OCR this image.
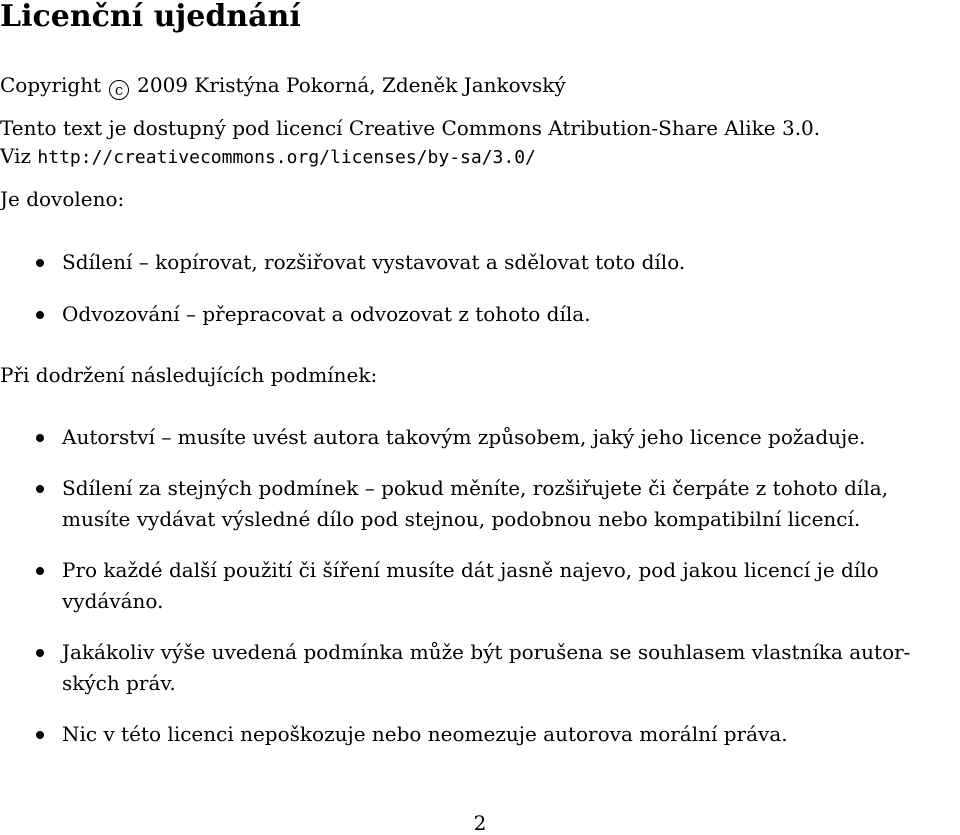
Licenční ujednání
Copyright c 2009 Kristýna Pokorná, Zdeněk Jankovský
Tento text je dostupný pod licencí Creative Commons Atribution-Share Alike 3.0.
Viz http://creativecommons.org/licenses/by-sa/3.0/
Je dovoleno:
Sdílení – kopírovat, rozšiřovat vystavovat a sdělovat toto dílo.
Odvozování – přepracovat a odvozovat z tohoto díla.
Při dodržení následujících podmínek:
Autorství – musíte uvést autora takovým způsobem, jaký jeho licence požaduje.
Sdílení za stejných podmínek – pokud měníte, rozšiřujete či čerpáte z tohoto díla,
musíte vydávat výsledné dílo pod stejnou, podobnou nebo kompatibilní licencí.
Pro každé další použití či šíření musíte dát jasně najevo, pod jakou licencí je dílo
vydáváno.
Jakákoliv výše uvedená podmínka může být porušena se souhlasem vlastníka autor-
ských práv.
Nic v této licenci nepoškozuje nebo neomezuje autorova morální práva.
2
